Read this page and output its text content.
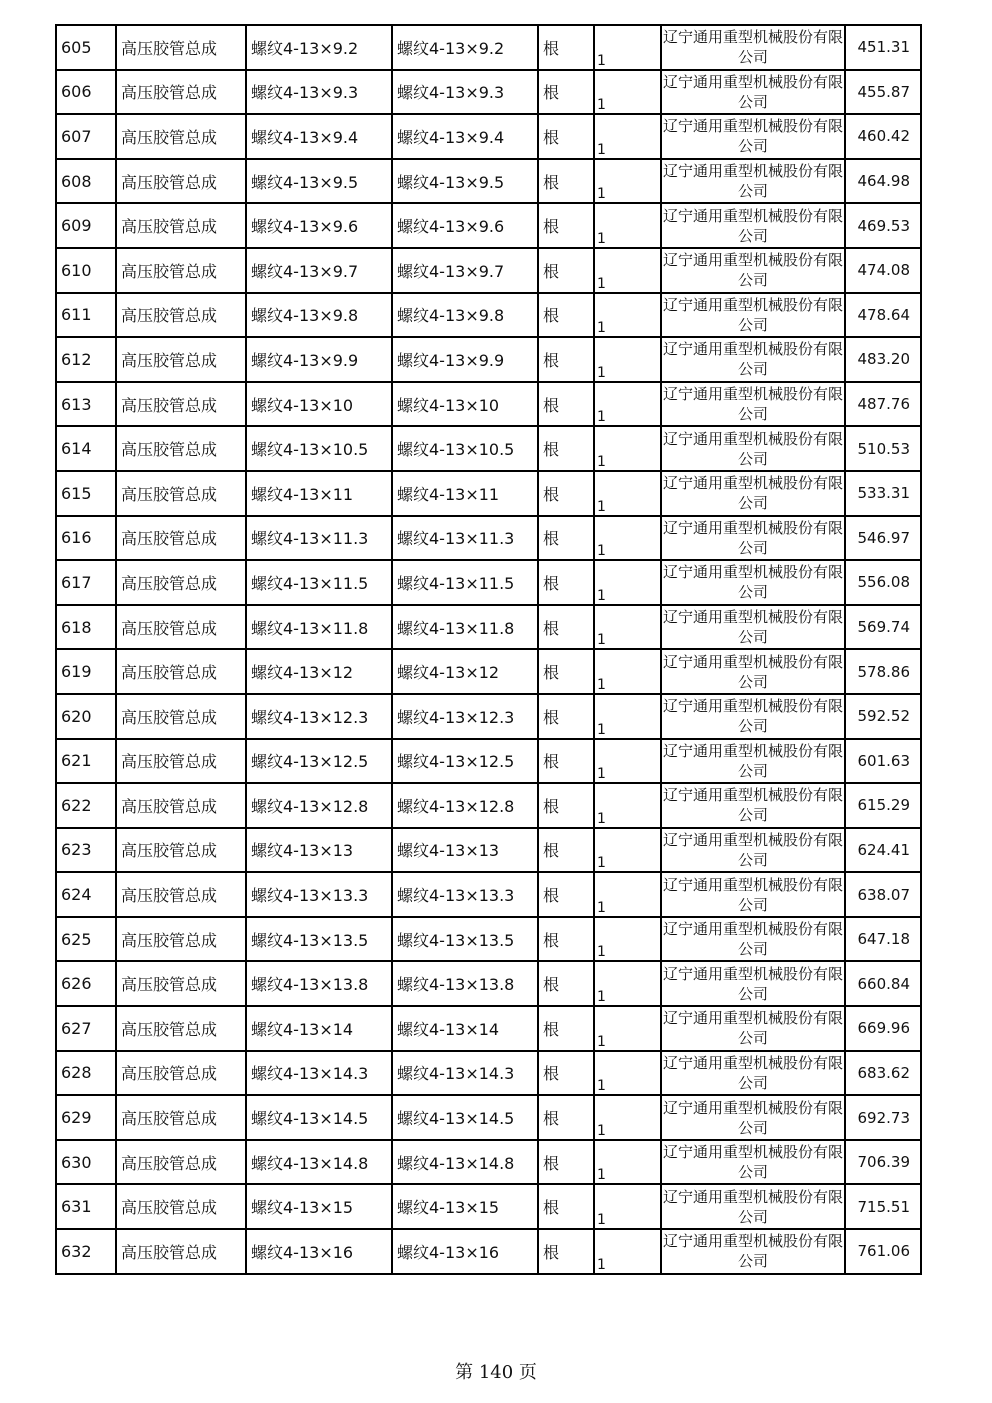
605	高压胶管总成	螺纹4-13×9.2	螺纹4-13×9.2	根	1	辽宁通用重型机械股份有限公司	451.31
606	高压胶管总成	螺纹4-13×9.3	螺纹4-13×9.3	根	1	辽宁通用重型机械股份有限公司	455.87
607	高压胶管总成	螺纹4-13×9.4	螺纹4-13×9.4	根	1	辽宁通用重型机械股份有限公司	460.42
608	高压胶管总成	螺纹4-13×9.5	螺纹4-13×9.5	根	1	辽宁通用重型机械股份有限公司	464.98
609	高压胶管总成	螺纹4-13×9.6	螺纹4-13×9.6	根	1	辽宁通用重型机械股份有限公司	469.53
610	高压胶管总成	螺纹4-13×9.7	螺纹4-13×9.7	根	1	辽宁通用重型机械股份有限公司	474.08
611	高压胶管总成	螺纹4-13×9.8	螺纹4-13×9.8	根	1	辽宁通用重型机械股份有限公司	478.64
612	高压胶管总成	螺纹4-13×9.9	螺纹4-13×9.9	根	1	辽宁通用重型机械股份有限公司	483.20
613	高压胶管总成	螺纹4-13×10	螺纹4-13×10	根	1	辽宁通用重型机械股份有限公司	487.76
614	高压胶管总成	螺纹4-13×10.5	螺纹4-13×10.5	根	1	辽宁通用重型机械股份有限公司	510.53
615	高压胶管总成	螺纹4-13×11	螺纹4-13×11	根	1	辽宁通用重型机械股份有限公司	533.31
616	高压胶管总成	螺纹4-13×11.3	螺纹4-13×11.3	根	1	辽宁通用重型机械股份有限公司	546.97
617	高压胶管总成	螺纹4-13×11.5	螺纹4-13×11.5	根	1	辽宁通用重型机械股份有限公司	556.08
618	高压胶管总成	螺纹4-13×11.8	螺纹4-13×11.8	根	1	辽宁通用重型机械股份有限公司	569.74
619	高压胶管总成	螺纹4-13×12	螺纹4-13×12	根	1	辽宁通用重型机械股份有限公司	578.86
620	高压胶管总成	螺纹4-13×12.3	螺纹4-13×12.3	根	1	辽宁通用重型机械股份有限公司	592.52
621	高压胶管总成	螺纹4-13×12.5	螺纹4-13×12.5	根	1	辽宁通用重型机械股份有限公司	601.63
622	高压胶管总成	螺纹4-13×12.8	螺纹4-13×12.8	根	1	辽宁通用重型机械股份有限公司	615.29
623	高压胶管总成	螺纹4-13×13	螺纹4-13×13	根	1	辽宁通用重型机械股份有限公司	624.41
624	高压胶管总成	螺纹4-13×13.3	螺纹4-13×13.3	根	1	辽宁通用重型机械股份有限公司	638.07
625	高压胶管总成	螺纹4-13×13.5	螺纹4-13×13.5	根	1	辽宁通用重型机械股份有限公司	647.18
626	高压胶管总成	螺纹4-13×13.8	螺纹4-13×13.8	根	1	辽宁通用重型机械股份有限公司	660.84
627	高压胶管总成	螺纹4-13×14	螺纹4-13×14	根	1	辽宁通用重型机械股份有限公司	669.96
628	高压胶管总成	螺纹4-13×14.3	螺纹4-13×14.3	根	1	辽宁通用重型机械股份有限公司	683.62
629	高压胶管总成	螺纹4-13×14.5	螺纹4-13×14.5	根	1	辽宁通用重型机械股份有限公司	692.73
630	高压胶管总成	螺纹4-13×14.8	螺纹4-13×14.8	根	1	辽宁通用重型机械股份有限公司	706.39
631	高压胶管总成	螺纹4-13×15	螺纹4-13×15	根	1	辽宁通用重型机械股份有限公司	715.51
632	高压胶管总成	螺纹4-13×16	螺纹4-13×16	根	1	辽宁通用重型机械股份有限公司	761.06
第 140 页
